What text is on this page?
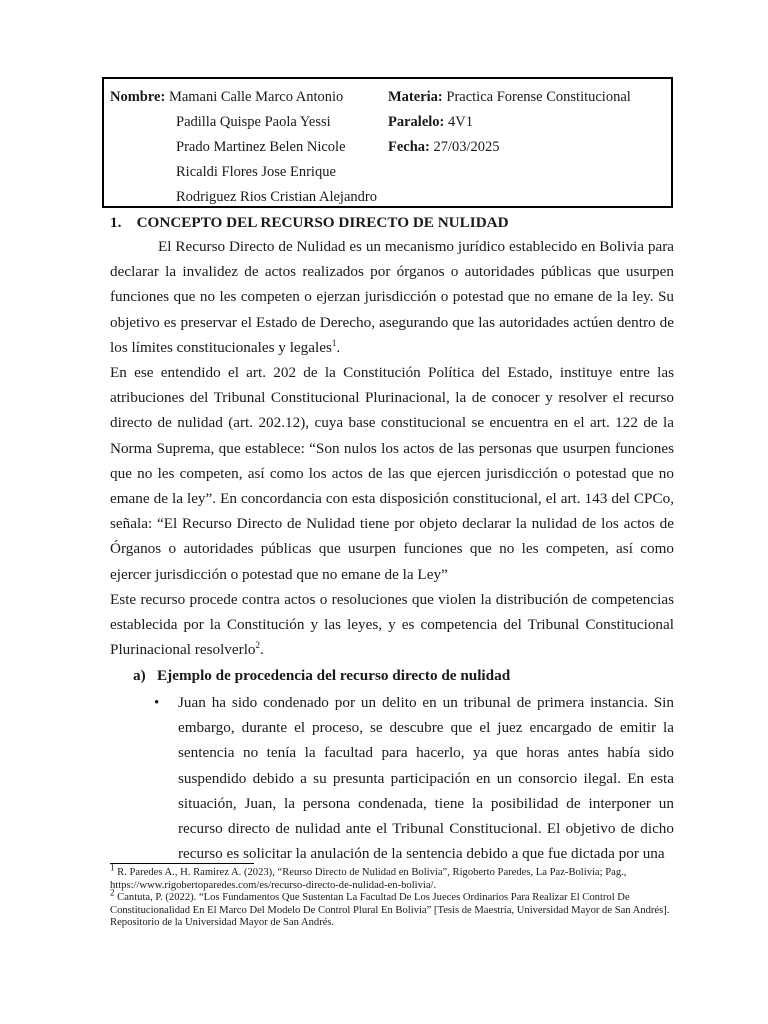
Nombre: Mamani Calle Marco Antonio
Padilla Quispe Paola Yessi
Prado Martinez Belen Nicole
Ricaldi Flores Jose Enrique
Rodriguez Rios Cristian Alejandro
Materia: Practica Forense Constitucional
Paralelo: 4V1
Fecha: 27/03/2025
1.    CONCEPTO DEL RECURSO DIRECTO DE NULIDAD

El Recurso Directo de Nulidad es un mecanismo jurídico establecido en Bolivia para declarar la invalidez de actos realizados por órganos o autoridades públicas que usurpen funciones que no les competen o ejerzan jurisdicción o potestad que no emane de la ley. Su objetivo es preservar el Estado de Derecho, asegurando que las autoridades actúen dentro de los límites constitucionales y legales$^1$.

En ese entendido el art. 202 de la Constitución Política del Estado, instituye entre las atribuciones del Tribunal Constitucional Plurinacional, la de conocer y resolver el recurso directo de nulidad (art. 202.12), cuya base constitucional se encuentra en el art. 122 de la Norma Suprema, que establece: “Son nulos los actos de las personas que usurpen funciones que no les competen, así como los actos de las que ejercen jurisdicción o potestad que no emane de la ley”. En concordancia con esta disposición constitucional, el art. 143 del CPCo, señala: “El Recurso Directo de Nulidad tiene por objeto declarar la nulidad de los actos de Órganos o autoridades públicas que usurpen funciones que no les competen, así como ejercer jurisdicción o potestad que no emane de la Ley”

Este recurso procede contra actos o resoluciones que violen la distribución de competencias establecida por la Constitución y las leyes, y es competencia del Tribunal Constitucional Plurinacional resolverlo$^2$.

a)   Ejemplo de procedencia del recurso directo de nulidad
• Juan ha sido condenado por un delito en un tribunal de primera instancia. Sin embargo, durante el proceso, se descubre que el juez encargado de emitir la sentencia no tenía la facultad para hacerlo, ya que horas antes había sido suspendido debido a su presunta participación en un consorcio ilegal. En esta situación, Juan, la persona condenada, tiene la posibilidad de interponer un recurso directo de nulidad ante el Tribunal Constitucional. El objetivo de dicho recurso es solicitar la anulación de la sentencia debido a que fue dictada por una

$^1$ R. Paredes A., H. Ramirez A. (2023), “Reurso Directo de Nulidad en Bolivia”, Rigoberto Paredes, La Paz-Bolivia; Pag., https://www.rigobertoparedes.com/es/recurso-directo-de-nulidad-en-bolivia/.

$^2$ Cantuta, P. (2022). “Los Fundamentos Que Sustentan La Facultad De Los Jueces Ordinarios Para Realizar El Control De Constitucionalidad En El Marco Del Modelo De Control Plural En Bolivia” [Tesis de Maestría, Universidad Mayor de San Andrés]. Repositorio de la Universidad Mayor de San Andrés.
